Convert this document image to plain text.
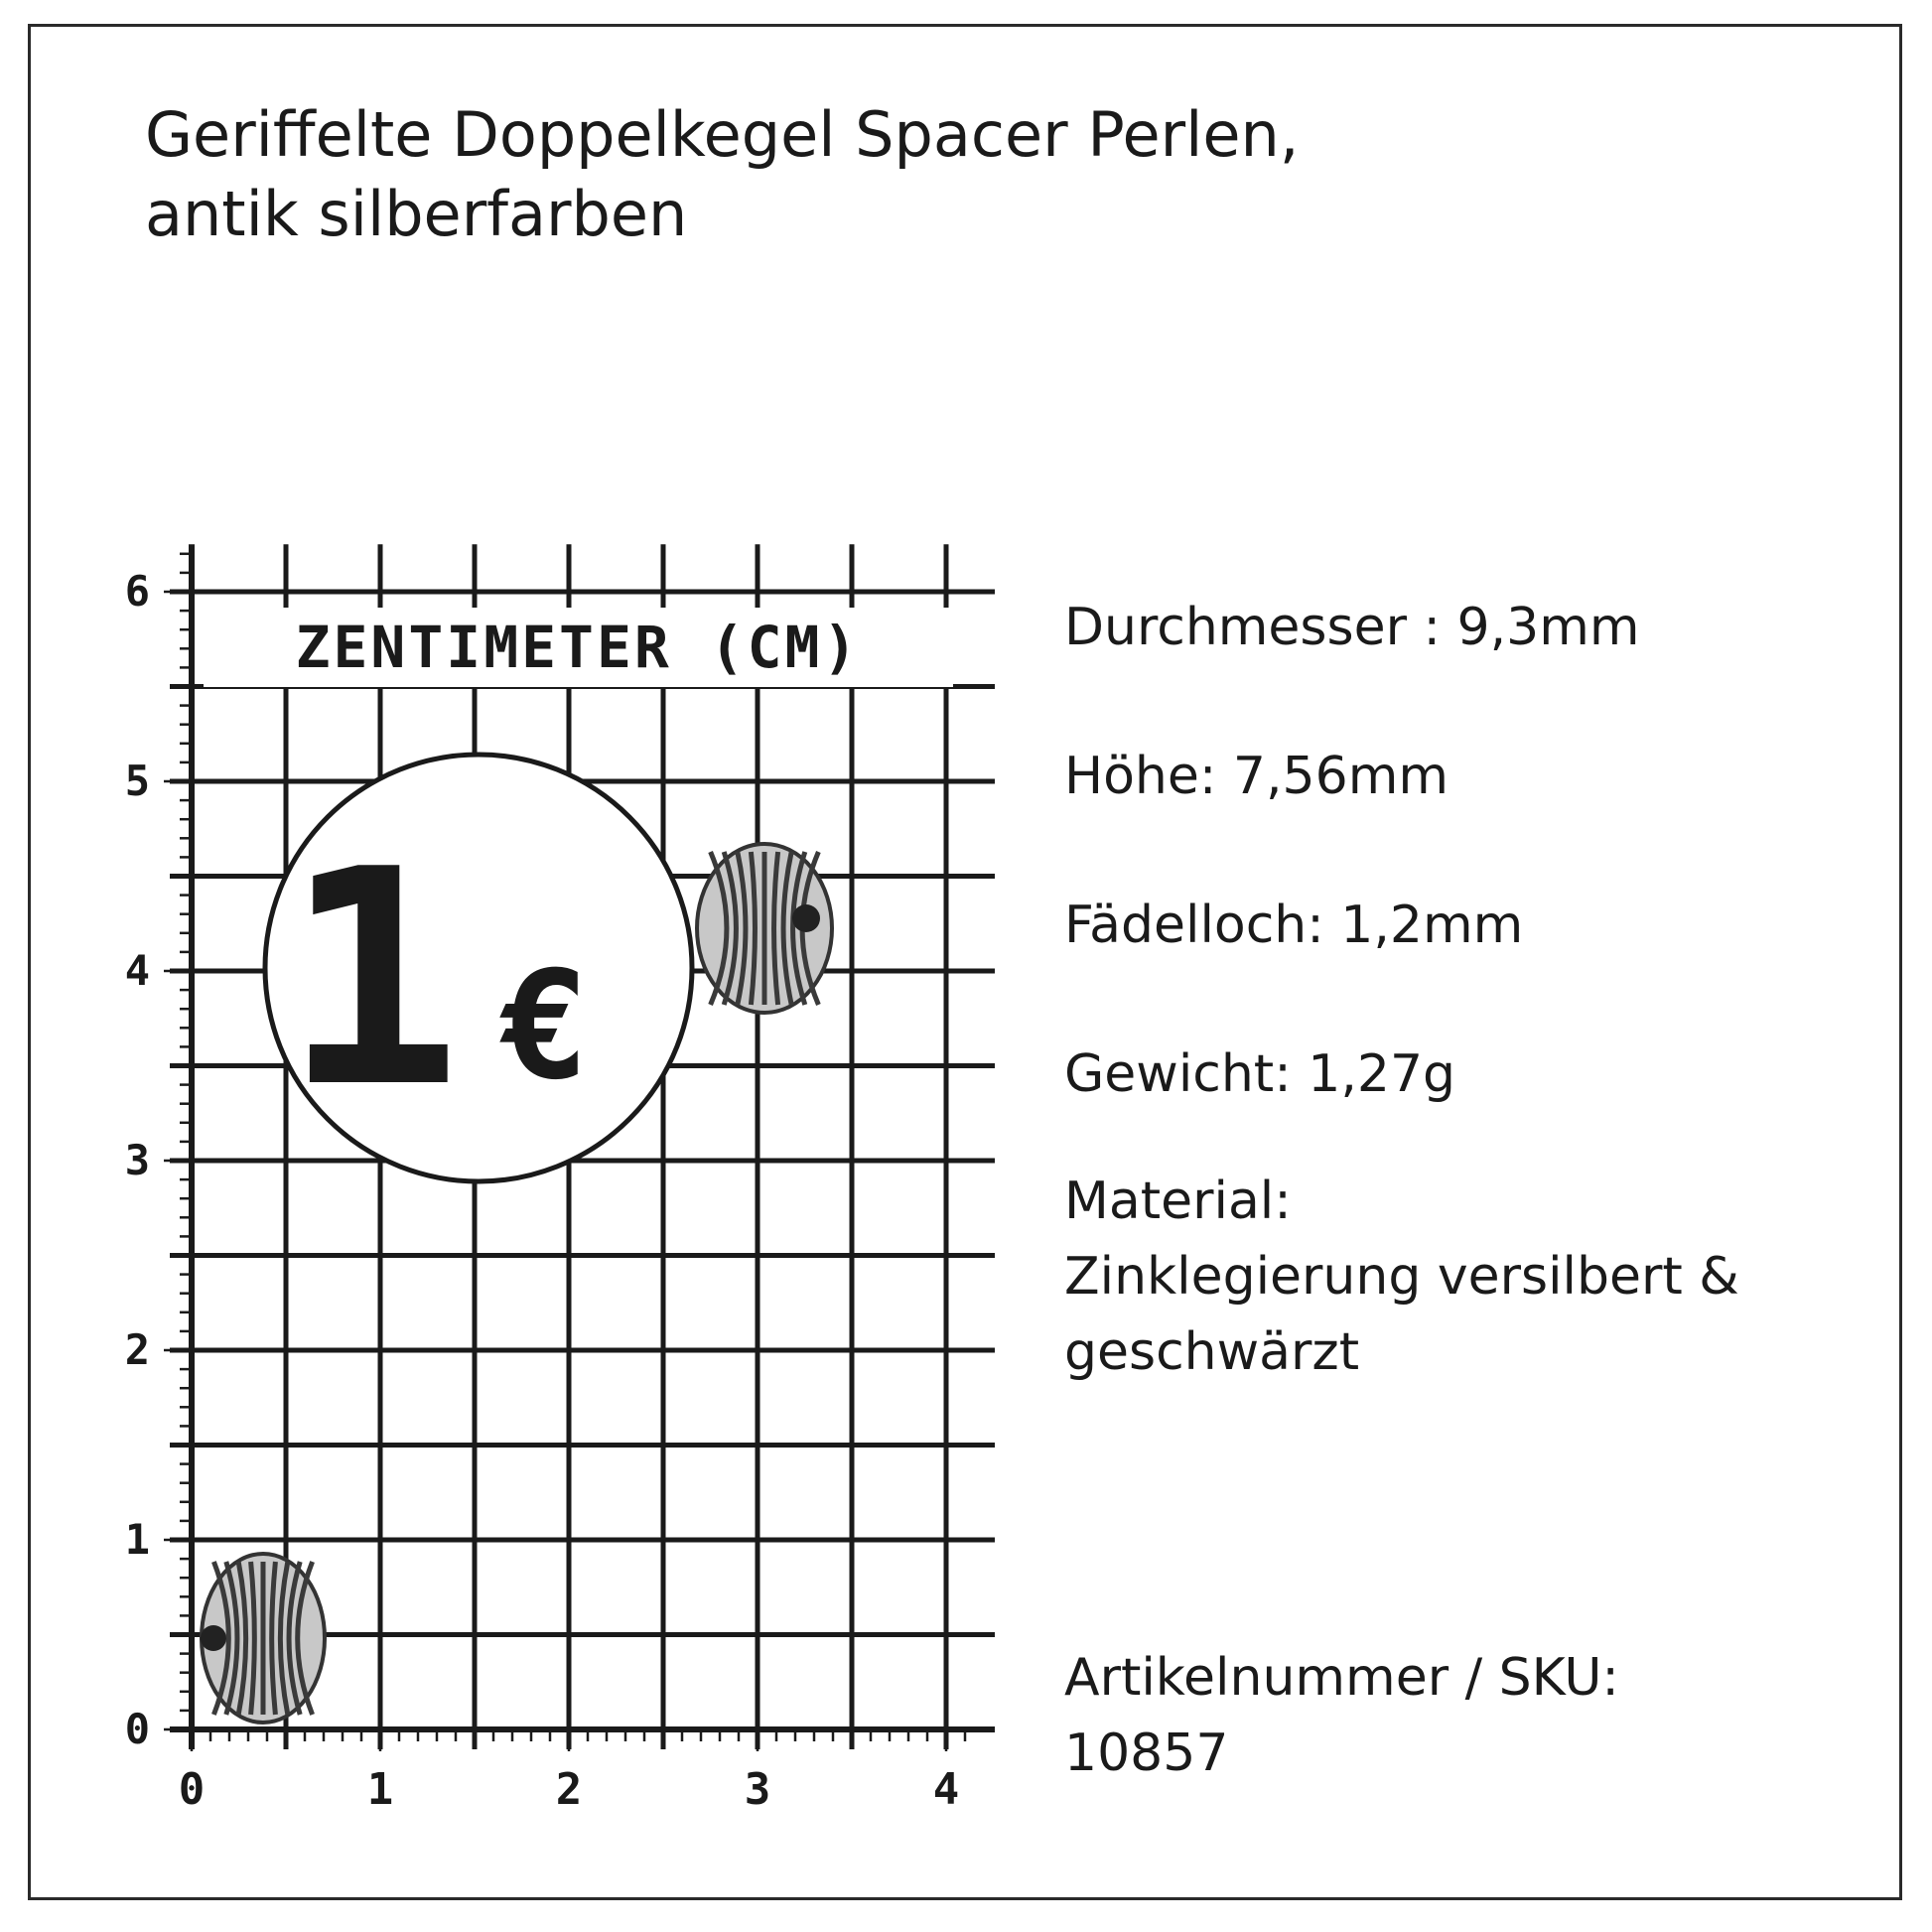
Geriffelte Doppelkegel Spacer Perlen,
antik silberfarben
ZENTIMETER (CM)
0	1	2	3	4
0
1
2
3
4
5
6
1 €
Durchmesser : 9,3mm
Höhe: 7,56mm
Fädelloch: 1,2mm
Gewicht: 1,27g
Material:
Zinklegierung versilbert &
geschwärzt
Artikelnummer / SKU:
10857
